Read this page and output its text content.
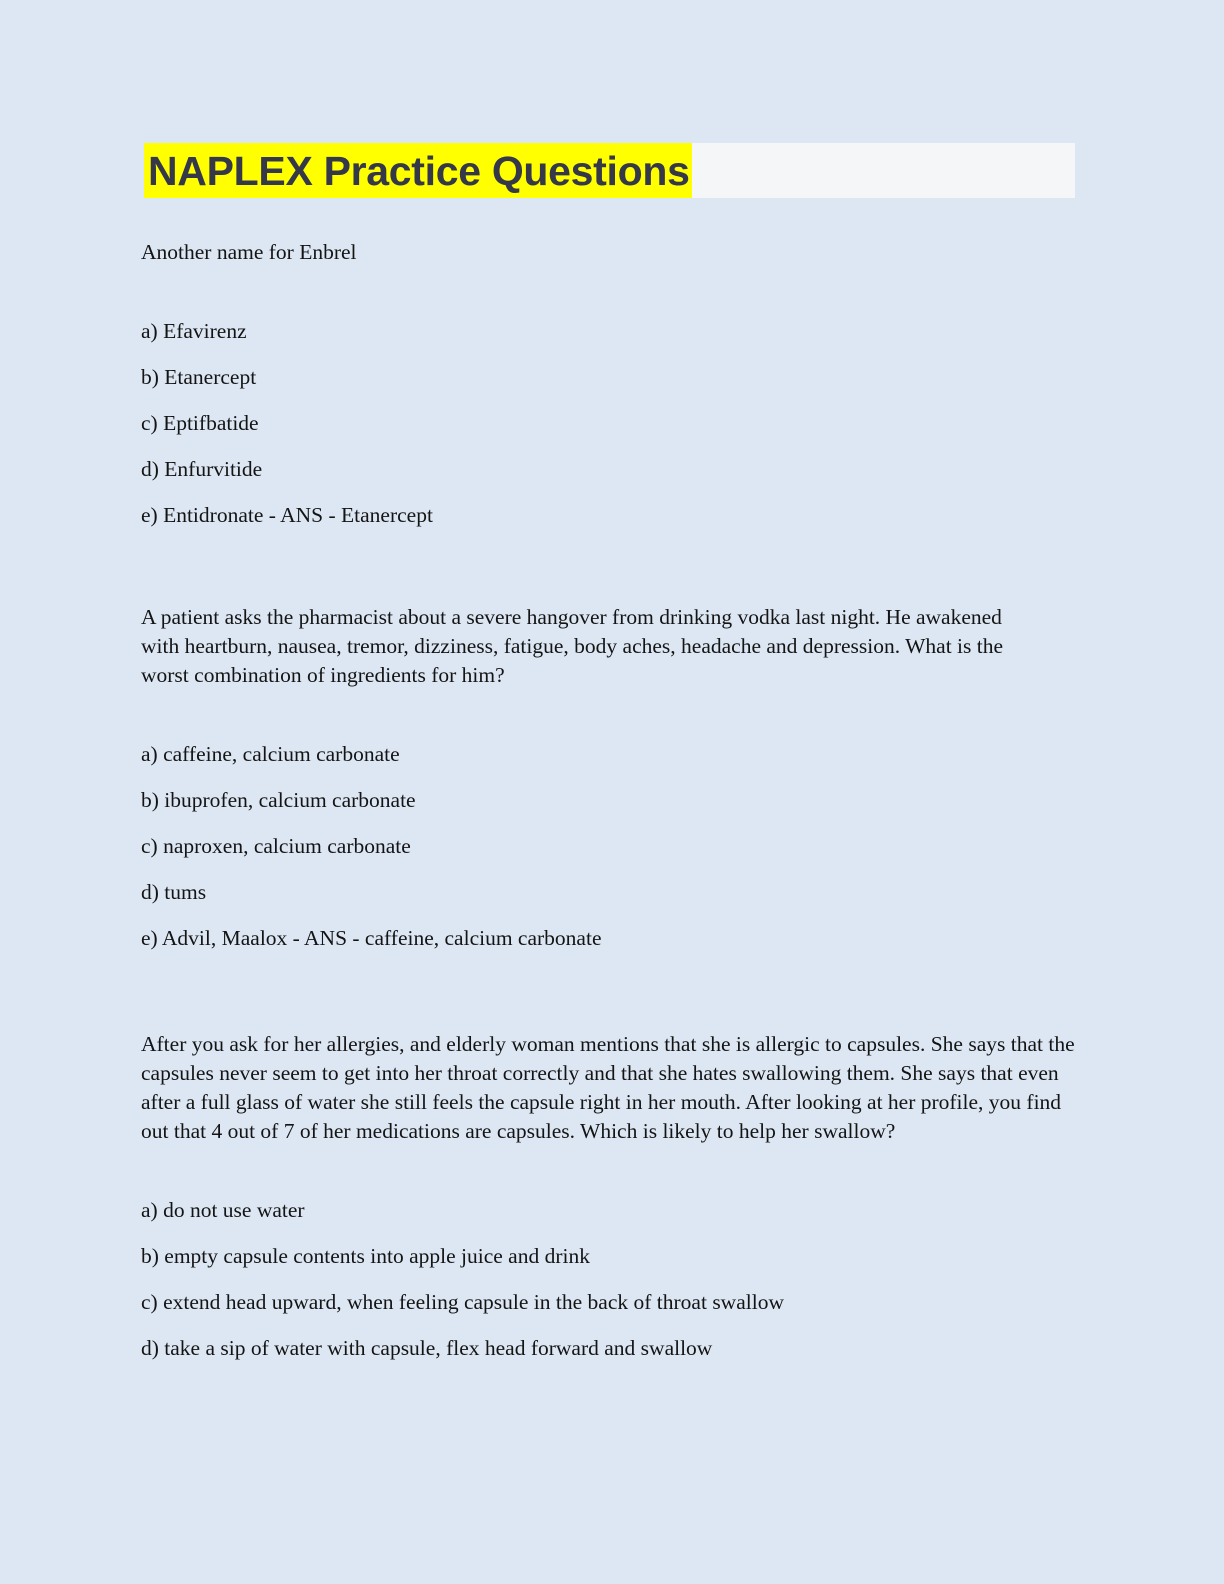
NAPLEX Practice Questions

Another name for Enbrel

a) Efavirenz
b) Etanercept
c) Eptifbatide
d) Enfurvitide
e) Entidronate - ANS - Etanercept

A patient asks the pharmacist about a severe hangover from drinking vodka last night. He awakened with heartburn, nausea, tremor, dizziness, fatigue, body aches, headache and depression. What is the worst combination of ingredients for him?

a) caffeine, calcium carbonate
b) ibuprofen, calcium carbonate
c) naproxen, calcium carbonate
d) tums
e) Advil, Maalox - ANS - caffeine, calcium carbonate

After you ask for her allergies, and elderly woman mentions that she is allergic to capsules. She says that the capsules never seem to get into her throat correctly and that she hates swallowing them. She says that even after a full glass of water she still feels the capsule right in her mouth. After looking at her profile, you find out that 4 out of 7 of her medications are capsules. Which is likely to help her swallow?

a) do not use water
b) empty capsule contents into apple juice and drink
c) extend head upward, when feeling capsule in the back of throat swallow
d) take a sip of water with capsule, flex head forward and swallow
